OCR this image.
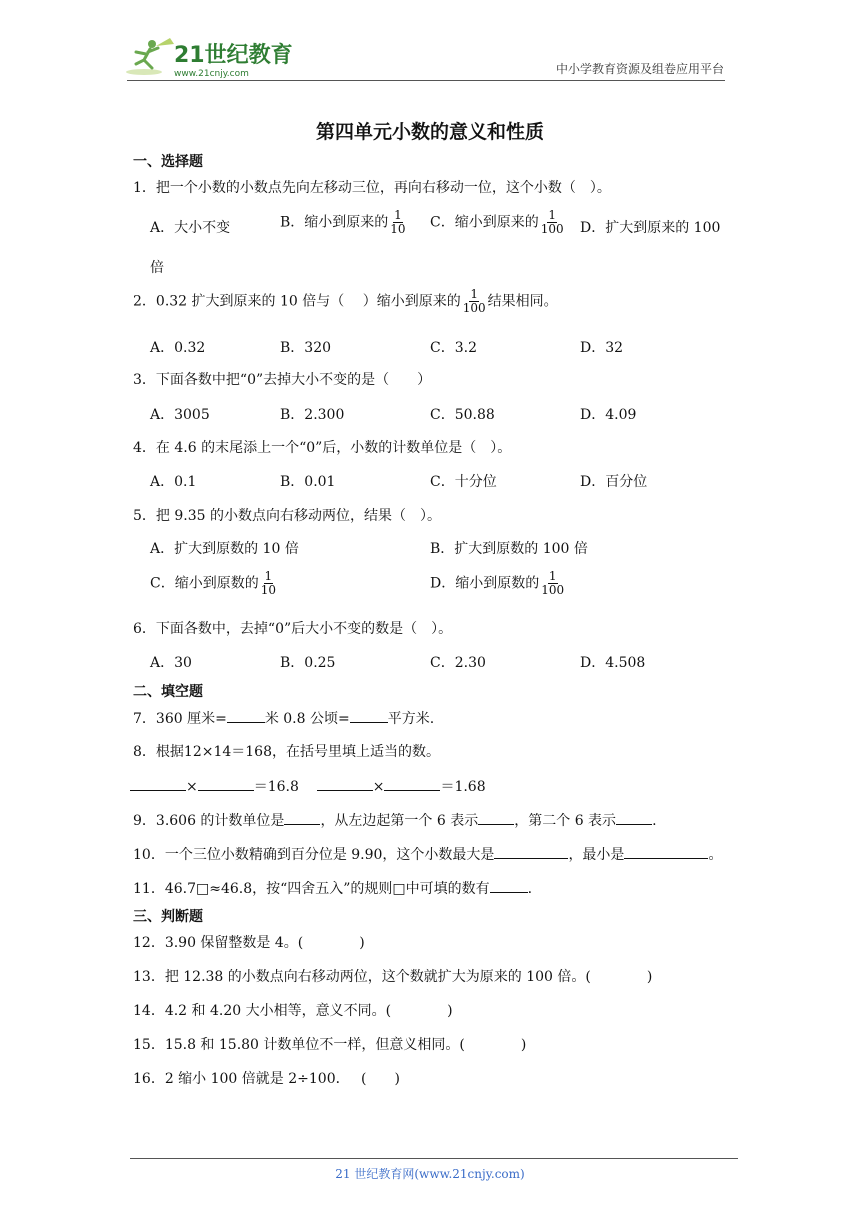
21世纪教育
www.21cnjy.com	中小学教育资源及组卷应用平台
第四单元小数的意义和性质
一、选择题
1．把一个小数的小数点先向左移动三位，再向右移动一位，这个小数（　）。
A．大小不变	B．缩小到原来的 $\frac{1}{10}$ C．缩小到原来的 $\frac{1}{100}$ D．扩大到原来的 100
倍
2．0.32 扩大到原来的 10 倍与（　 ）缩小到原来的 $\frac{1}{100}$ 结果相同。
A．0.32	B．320	C．3.2	D．32
3．下面各数中把“0”去掉大小不变的是（　　）
A．3005	B．2.300	C．50.88	D．4.09
4．在 4.6 的末尾添上一个“0”后，小数的计数单位是（　）。
A．0.1	B．0.01	C．十分位	D．百分位
5．把 9.35 的小数点向右移动两位，结果（　）。
A．扩大到原数的 10 倍	B．扩大到原数的 100 倍
C．缩小到原数的 $\frac{1}{10}$	D．缩小到原数的 $\frac{1}{100}$
6．下面各数中，去掉“0”后大小不变的数是（　）。
A．30	B．0.25	C．2.30	D．4.508
二、填空题
7．360 厘米=	米 0.8 公顷=	平方米.
8．根据12×14＝168，在括号里填上适当的数。
×	＝16.8	×	＝1.68
9．3.606 的计数单位是	，从左边起第一个 6 表示	，第二个 6 表示	.
10．一个三位小数精确到百分位是 9.90，这个小数最大是	，最小是	。
11．46.7□≈46.8，按“四舍五入”的规则□中可填的数有	.
三、判断题
12．3.90 保留整数是 4。(　　　　)
13．把 12.38 的小数点向右移动两位，这个数就扩大为原来的 100 倍。(　　　　)
14．4.2 和 4.20 大小相等，意义不同。(　　　　)
15．15.8 和 15.80 计数单位不一样，但意义相同。(　　　　)
16．2 缩小 100 倍就是 2÷100．　 (　　)
21 世纪教育网(www.21cnjy.com)
